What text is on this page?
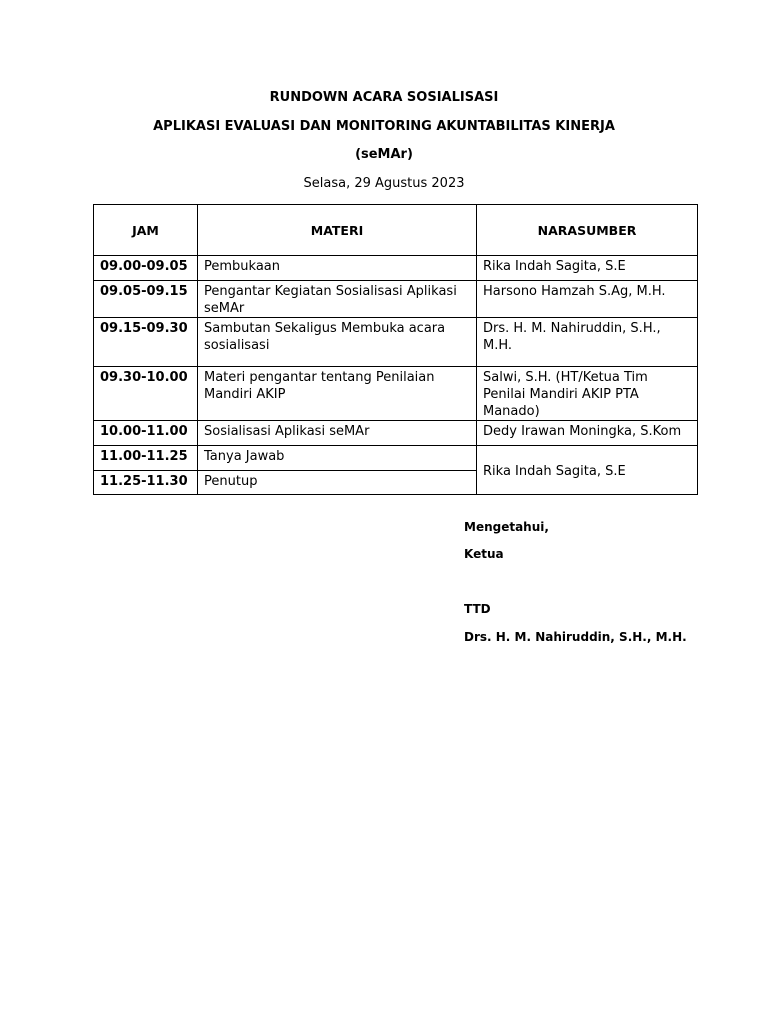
RUNDOWN ACARA SOSIALISASI
APLIKASI EVALUASI DAN MONITORING AKUNTABILITAS KINERJA
(seMAr)
Selasa, 29 Agustus 2023
JAM	MATERI	NARASUMBER
09.00-09.05	Pembukaan	Rika Indah Sagita, S.E
09.05-09.15	Pengantar Kegiatan Sosialisasi Aplikasi seMAr	Harsono Hamzah S.Ag, M.H.
09.15-09.30	Sambutan Sekaligus Membuka acara sosialisasi	Drs. H. M. Nahiruddin, S.H., M.H.
09.30-10.00	Materi pengantar tentang Penilaian Mandiri AKIP	Salwi, S.H. (HT/Ketua Tim Penilai Mandiri AKIP PTA Manado)
10.00-11.00	Sosialisasi Aplikasi seMAr	Dedy Irawan Moningka, S.Kom
11.00-11.25	Tanya Jawab	Rika Indah Sagita, S.E
11.25-11.30	Penutup	
Mengetahui,
Ketua
TTD
Drs. H. M. Nahiruddin, S.H., M.H.
